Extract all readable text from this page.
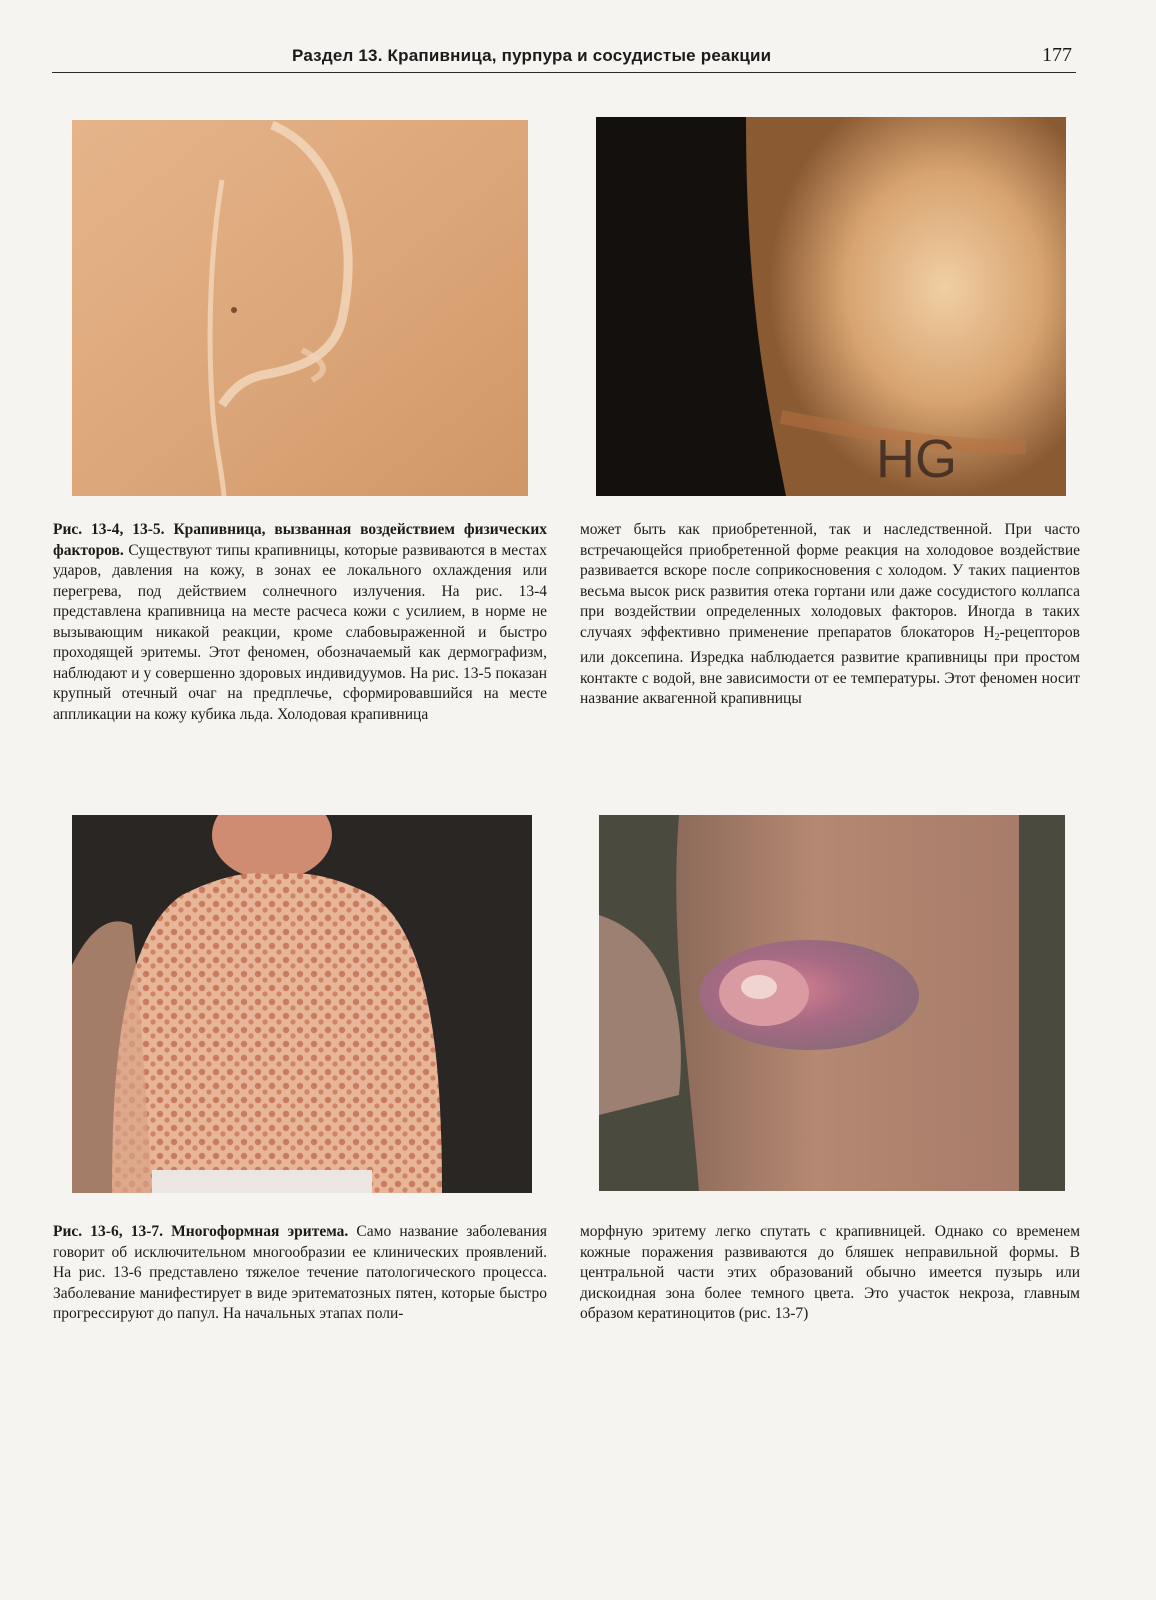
Раздел 13. Крапивница, пурпура и сосудистые реакции	177
HG
Рис. 13-4, 13-5. Крапивница, вызванная воздействием физических факторов. Существуют типы крапивницы, которые развиваются в местах ударов, давления на кожу, в зонах ее локального охлаждения или перегрева, под действием солнечного излучения. На рис. 13-4 представлена крапивница на месте расчеса кожи с усилием, в норме не вызывающим никакой реакции, кроме слабовыраженной и быстро проходящей эритемы. Этот феномен, обозначаемый как дермографизм, наблюдают и у совершенно здоровых индивидуумов. На рис. 13-5 показан крупный отечный очаг на предплечье, сформировавшийся на месте аппликации на кожу кубика льда. Холодовая крапивница
может быть как приобретенной, так и наследственной. При часто встречающейся приобретенной форме реакция на холодовое воздействие развивается вскоре после соприкосновения с холодом. У таких пациентов весьма высок риск развития отека гортани или даже сосудистого коллапса при воздействии определенных холодовых факторов. Иногда в таких случаях эффективно применение препаратов блокаторов $Н_2$-рецепторов или доксепина. Изредка наблюдается развитие крапивницы при простом контакте с водой, вне зависимости от ее температуры. Этот феномен носит название аквагенной крапивницы
Рис. 13-6, 13-7. Многоформная эритема. Само название заболевания говорит об исключительном многообразии ее клинических проявлений. На рис. 13-6 представлено тяжелое течение патологического процесса. Заболевание манифестирует в виде эритематозных пятен, которые быстро прогрессируют до папул. На начальных этапах поли-
морфную эритему легко спутать с крапивницей. Однако со временем кожные поражения развиваются до бляшек неправильной формы. В центральной части этих образований обычно имеется пузырь или дискоидная зона более темного цвета. Это участок некроза, главным образом кератиноцитов (рис. 13-7)
